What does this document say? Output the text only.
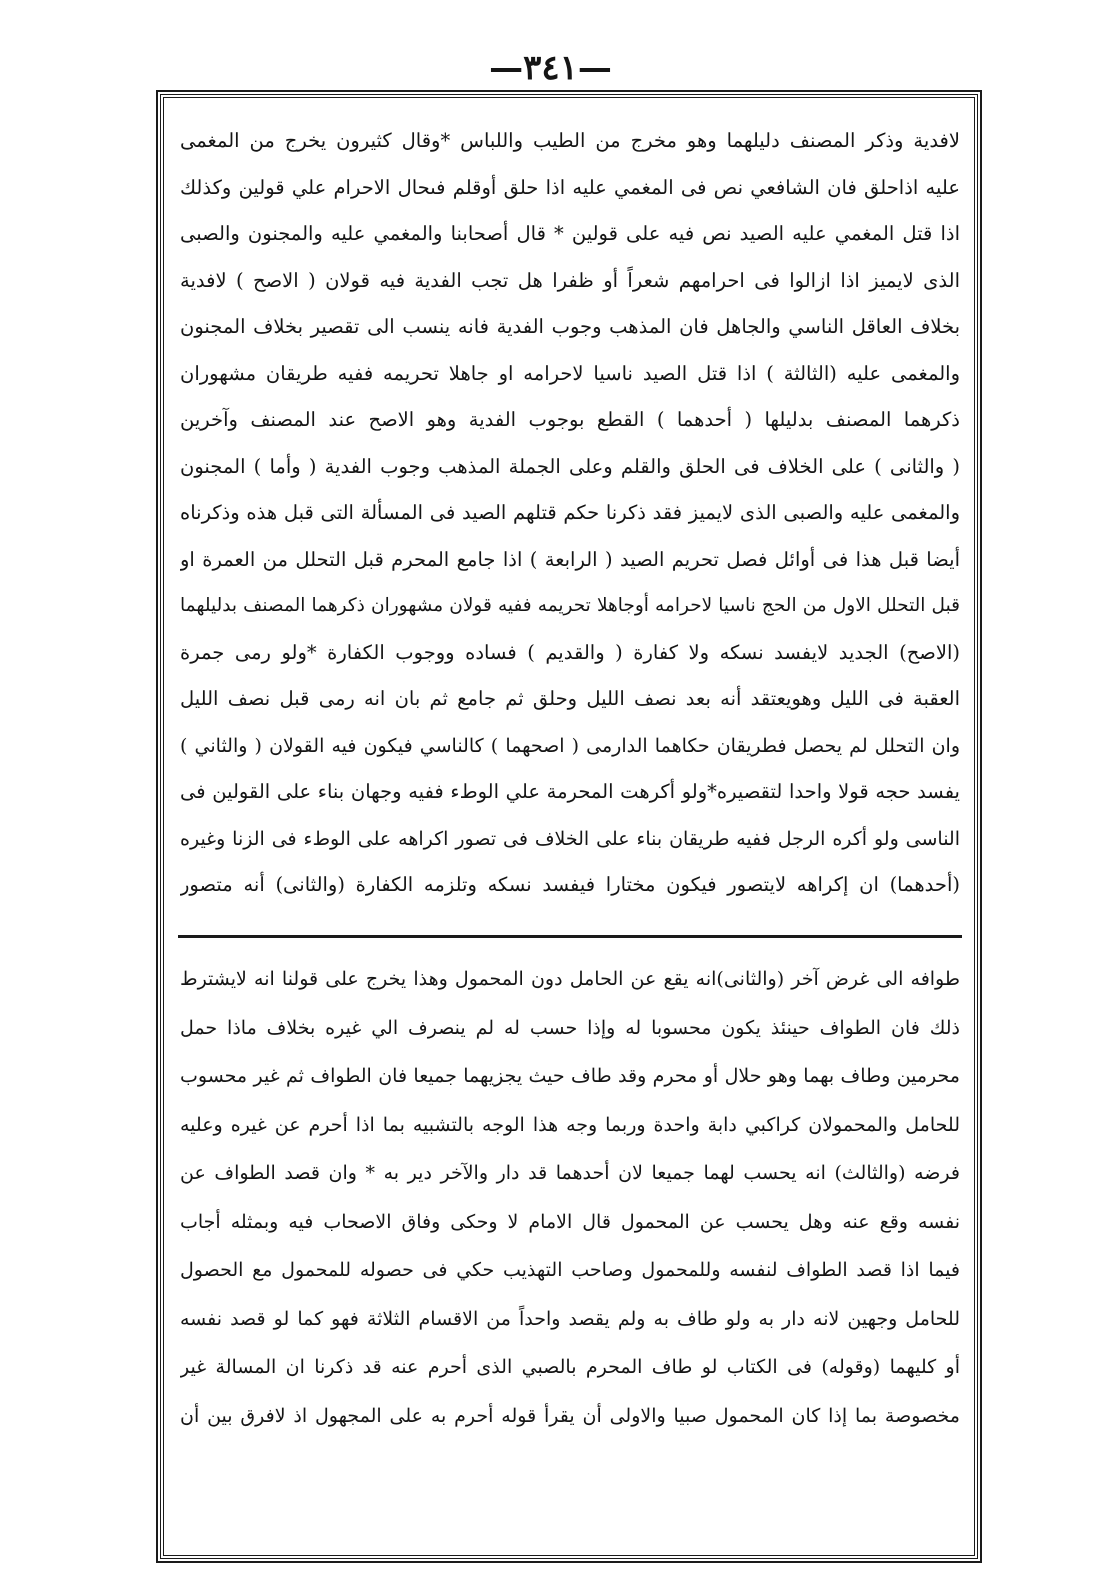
—٣٤١—
لافدية وذكر المصنف دليلهما وهو مخرج من الطيب واللباس *وقال كثيرون يخرج من المغمى
عليه اذاحلق فان الشافعي نص فى المغمي عليه اذا حلق أوقلم فىحال الاحرام علي قولين وكذلك
اذا قتل المغمي عليه الصيد نص فيه على قولين * قال أصحابنا والمغمي عليه والمجنون والصبى
الذى لايميز اذا ازالوا فى احرامهم شعراً أو ظفرا هل تجب الفدية فيه قولان ( الاصح ) لافدية
بخلاف العاقل الناسي والجاهل فان المذهب وجوب الفدية فانه ينسب الى تقصير بخلاف المجنون
والمغمى عليه (الثالثة ) اذا قتل الصيد ناسيا لاحرامه او جاهلا تحريمه ففيه طريقان مشهوران
ذكرهما المصنف بدليلها ( أحدهما ) القطع بوجوب الفدية وهو الاصح عند المصنف وآخرين
( والثانى ) على الخلاف فى الحلق والقلم وعلى الجملة المذهب وجوب الفدية ( وأما ) المجنون
والمغمى عليه والصبى الذى لايميز فقد ذكرنا حكم قتلهم الصيد فى المسألة التى قبل هذه وذكرناه
أيضا قبل هذا فى أوائل فصل تحريم الصيد ( الرابعة ) اذا جامع المحرم قبل التحلل من العمرة او
قبل التحلل الاول من الحج ناسيا لاحرامه أوجاهلا تحريمه ففيه قولان مشهوران ذكرهما المصنف بدليلهما
(الاصح) الجديد لايفسد نسكه ولا كفارة ( والقديم ) فساده ووجوب الكفارة *ولو رمى جمرة
العقبة فى الليل وهويعتقد أنه بعد نصف الليل وحلق ثم جامع ثم بان انه رمى قبل نصف الليل
وان التحلل لم يحصل فطريقان حكاهما الدارمى ( اصحهما ) كالناسي فيكون فيه القولان ( والثاني )
يفسد حجه قولا واحدا لتقصيره*ولو أكرهت المحرمة علي الوطء ففيه وجهان بناء على القولين فى
الناسى ولو أكره الرجل ففيه طريقان بناء على الخلاف فى تصور اكراهه على الوطء فى الزنا وغيره
(أحدهما) ان إكراهه لايتصور فيكون مختارا فيفسد نسكه وتلزمه الكفارة (والثانى) أنه متصور
طوافه الى غرض آخر (والثانى)انه يقع عن الحامل دون المحمول وهذا يخرج على قولنا انه لايشترط
ذلك فان الطواف حينئذ يكون محسوبا له وإذا حسب له لم ينصرف الي غيره بخلاف ماذا حمل
محرمين وطاف بهما وهو حلال أو محرم وقد طاف حيث يجزيهما جميعا فان الطواف ثم غير محسوب
للحامل والمحمولان كراكبي دابة واحدة وربما وجه هذا الوجه بالتشبيه بما اذا أحرم عن غيره وعليه
فرضه (والثالث) انه يحسب لهما جميعا لان أحدهما قد دار والآخر دير به * وان قصد الطواف عن
نفسه وقع عنه وهل يحسب عن المحمول قال الامام لا وحكى وفاق الاصحاب فيه وبمثله أجاب
فيما اذا قصد الطواف لنفسه وللمحمول وصاحب التهذيب حكي فى حصوله للمحمول مع الحصول
للحامل وجهين لانه دار به ولو طاف به ولم يقصد واحداً من الاقسام الثلاثة فهو كما لو قصد نفسه
أو كليهما (وقوله) فى الكتاب لو طاف المحرم بالصبي الذى أحرم عنه قد ذكرنا ان المسالة غير
مخصوصة بما إذا كان المحمول صبيا والاولى أن يقرأ قوله أحرم به على المجهول اذ لافرق بين أن
